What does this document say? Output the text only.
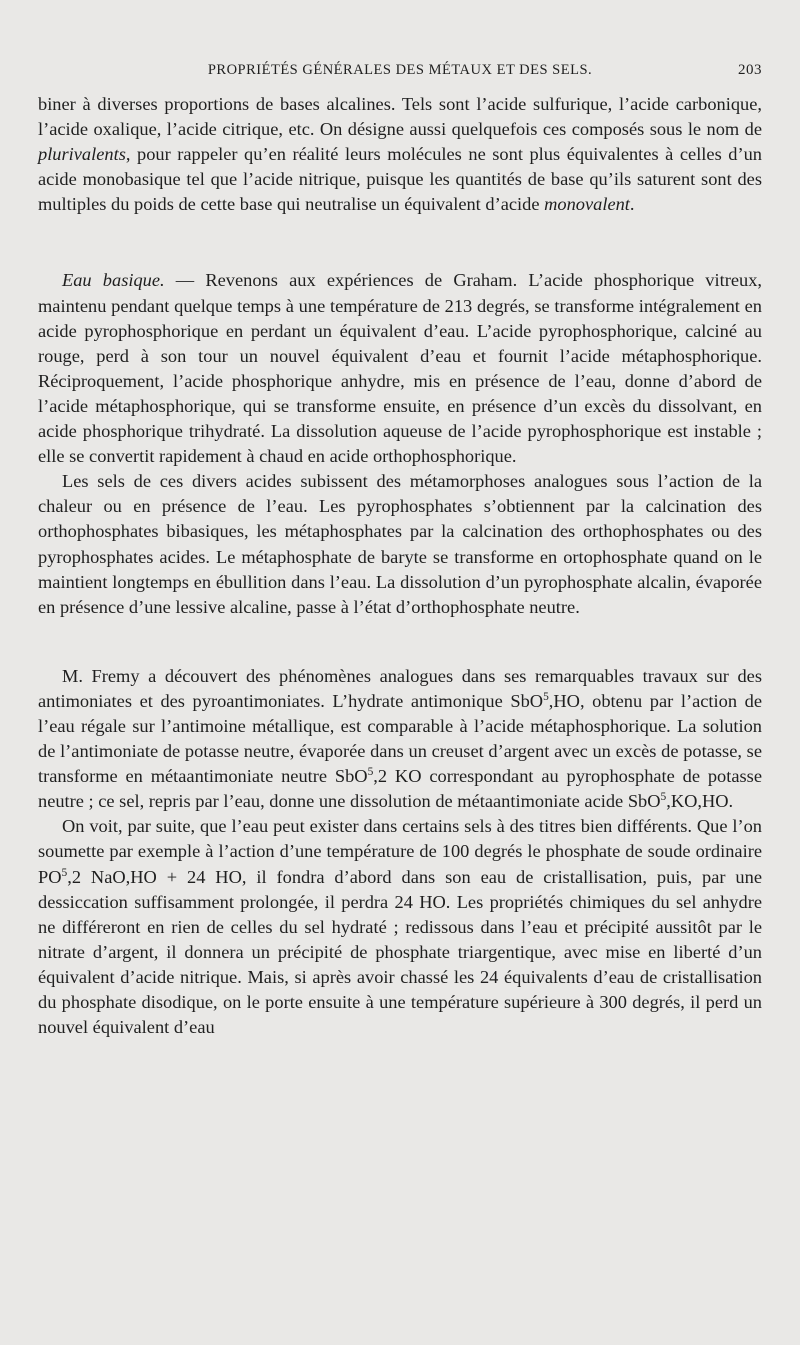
PROPRIÉTÉS GÉNÉRALES DES MÉTAUX ET DES SELS.	203

biner à diverses proportions de bases alcalines. Tels sont l’acide sulfurique, l’acide carbonique, l’acide oxalique, l’acide citrique, etc. On désigne aussi quelquefois ces composés sous le nom de plurivalents, pour rappeler qu’en réalité leurs molécules ne sont plus équivalentes à celles d’un acide monobasique tel que l’acide nitrique, puisque les quantités de base qu’ils saturent sont des multiples du poids de cette base qui neutralise un équivalent d’acide monovalent.

Eau basique. — Revenons aux expériences de Graham. L’acide phosphorique vitreux, maintenu pendant quelque temps à une température de 213 degrés, se transforme intégralement en acide pyrophosphorique en perdant un équivalent d’eau. L’acide pyrophosphorique, calciné au rouge, perd à son tour un nouvel équivalent d’eau et fournit l’acide métaphosphorique. Réciproquement, l’acide phosphorique anhydre, mis en présence de l’eau, donne d’abord de l’acide métaphosphorique, qui se transforme ensuite, en présence d’un excès du dissolvant, en acide phosphorique trihydraté. La dissolution aqueuse de l’acide pyrophosphorique est instable ; elle se convertit rapidement à chaud en acide orthophosphorique.

Les sels de ces divers acides subissent des métamorphoses analogues sous l’action de la chaleur ou en présence de l’eau. Les pyrophosphates s’obtiennent par la calcination des orthophosphates bibasiques, les métaphosphates par la calcination des orthophosphates ou des pyrophosphates acides. Le métaphosphate de baryte se transforme en ortophosphate quand on le maintient longtemps en ébullition dans l’eau. La dissolution d’un pyrophosphate alcalin, évaporée en présence d’une lessive alcaline, passe à l’état d’orthophosphate neutre.

M. Fremy a découvert des phénomènes analogues dans ses remarquables travaux sur des antimoniates et des pyroantimoniates. L’hydrate antimonique SbO$^5$,HO, obtenu par l’action de l’eau régale sur l’antimoine métallique, est comparable à l’acide métaphosphorique. La solution de l’antimoniate de potasse neutre, évaporée dans un creuset d’argent avec un excès de potasse, se transforme en métaantimoniate neutre SbO$^5$,2 KO correspondant au pyrophosphate de potasse neutre ; ce sel, repris par l’eau, donne une dissolution de métaantimoniate acide SbO$^5$,KO,HO.

On voit, par suite, que l’eau peut exister dans certains sels à des titres bien différents. Que l’on soumette par exemple à l’action d’une température de 100 degrés le phosphate de soude ordinaire $PO^5,2$ NaO,HO + 24 HO, il fondra d’abord dans son eau de cristallisation, puis, par une dessiccation suffisamment prolongée, il perdra 24 HO. Les propriétés chimiques du sel anhydre ne différeront en rien de celles du sel hydraté ; redissous dans l’eau et précipité aussitôt par le nitrate d’argent, il donnera un précipité de phosphate triargentique, avec mise en liberté d’un équivalent d’acide nitrique. Mais, si après avoir chassé les 24 équivalents d’eau de cristallisation du phosphate disodique, on le porte ensuite à une température supérieure à 300 degrés, il perd un nouvel équivalent d’eau
